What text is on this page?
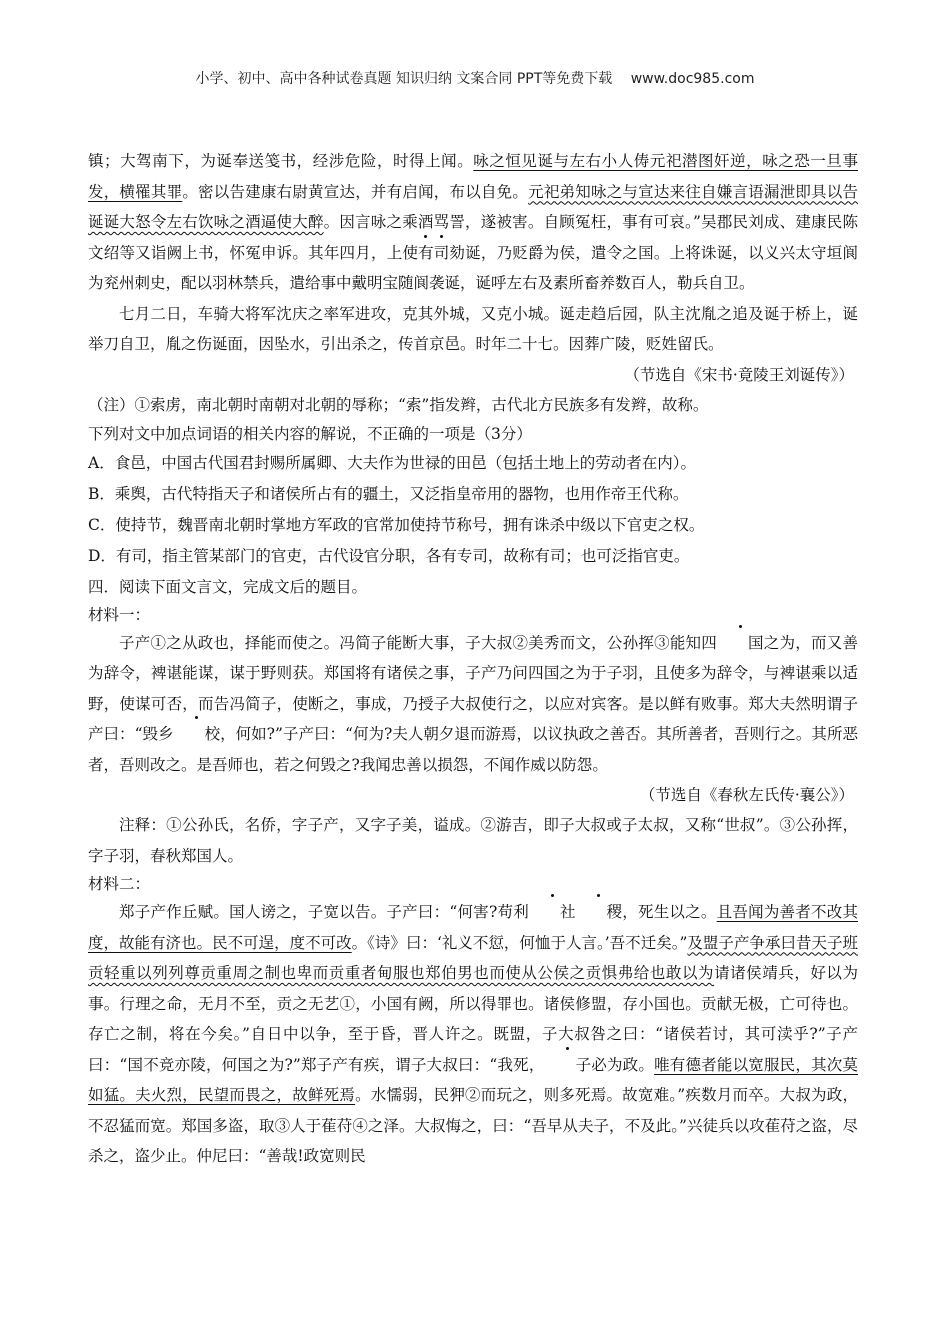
小学、初中、高中各种试卷真题 知识归纳 文案合同 PPT等免费下载　 www.doc985.com

镇；大驾南下，为诞奉送笺书，经涉危险，时得上闻。咏之恒见诞与左右小人俦元祀潜图奸逆，咏之恐一旦事发，横罹其罪。密以告建康右尉黄宣达，并有启闻，布以自免。元祀弟知咏之与宣达来往自嫌言语漏泄即具以告诞诞大怒令左右饮咏之酒逼使大醉。因言咏之乘酒骂詈，遂被害。自顾冤枉，事有可哀。”吴郡民刘成、建康民陈文绍等又诣阙上书，怀冤申诉。其年四月，上使有司劾诞，乃贬爵为侯，遣令之国。上将诛诞，以义兴太守垣阆为兖州刺史，配以羽林禁兵，遣给事中戴明宝随阆袭诞，诞呼左右及素所畜养数百人，勒兵自卫。

七月二日，车骑大将军沈庆之率军进攻，克其外城，又克小城。诞走趋后园，队主沈胤之追及诞于桥上，诞举刀自卫，胤之伤诞面，因坠水，引出杀之，传首京邑。时年二十七。因葬广陵，贬姓留氏。

（节选自《宋书·竟陵王刘诞传》）

（注）①索虏，南北朝时南朝对北朝的辱称；“索”指发辫，古代北方民族多有发辫，故称。

下列对文中加点词语的相关内容的解说，不正确的一项是（3分）

A．食邑，中国古代国君封赐所属卿、大夫作为世禄的田邑（包括土地上的劳动者在内）。

B．乘舆，古代特指天子和诸侯所占有的疆土，又泛指皇帝用的器物，也用作帝王代称。

C．使持节，魏晋南北朝时掌地方军政的官常加使持节称号，拥有诛杀中级以下官吏之权。

D．有司，指主管某部门的官吏，古代设官分职，各有专司，故称有司；也可泛指官吏。

四．阅读下面文言文，完成文后的题目。

材料一：

子产①之从政也，择能而使之。冯简子能断大事，子大叔②美秀而文，公孙挥③能知四 国之为，而又善为辞令，裨谌能谋，谋于野则获。郑国将有诸侯之事，子产乃问四国之为于子羽，且使多为辞令，与裨谌乘以适野，使谋可否，而告冯简子，使断之，事成，乃授子大叔使行之，以应对宾客。是以鲜有败事。郑大夫然明谓子产曰：“毁乡 校，何如?”子产曰：“何为?夫人朝夕退而游焉，以议执政之善否。其所善者，吾则行之。其所恶者，吾则改之。是吾师也，若之何毁之?我闻忠善以损怨，不闻作威以防怨。

（节选自《春秋左氏传·襄公》）

注释：①公孙氏，名侨，字子产，又字子美，谥成。②游吉，即子大叔或子太叔，又称“世叔”。③公孙挥，字子羽，春秋郑国人。

材料二：

郑子产作丘赋。国人谤之，子宽以告。子产曰：“何害?苟利 社 稷，死生以之。且吾闻为善者不改其度，故能有济也。民不可逞，度不可改。《诗》曰：‘礼义不愆，何恤于人言。’吾不迁矣。”及盟子产争承曰昔天子班贡轻重以列列尊贡重周之制也卑而贡重者甸服也郑伯男也而使从公侯之贡惧弗给也敢以为请诸侯靖兵，好以为事。行理之命，无月不至，贡之无艺①，小国有阙，所以得罪也。诸侯修盟，存小国也。贡献无极，亡可待也。存亡之制，将在今矣。”自日中以争，至于昏，晋人许之。既盟，子大叔咎之曰：“诸侯若讨，其可渎乎?”子产曰：“国不竞亦陵，何国之为?”郑子产有疾，谓子大叔曰：“我死， 子必为政。唯有德者能以宽服民，其次莫如猛。夫火烈，民望而畏之，故鲜死焉。水懦弱，民狎②而玩之，则多死焉。故宽难。”疾数月而卒。大叔为政，不忍猛而宽。郑国多盗，取③人于萑苻④之泽。大叔悔之，曰：“吾早从夫子，不及此。”兴徒兵以攻萑苻之盗，尽杀之，盗少止。仲尼曰：“善哉!政宽则民
